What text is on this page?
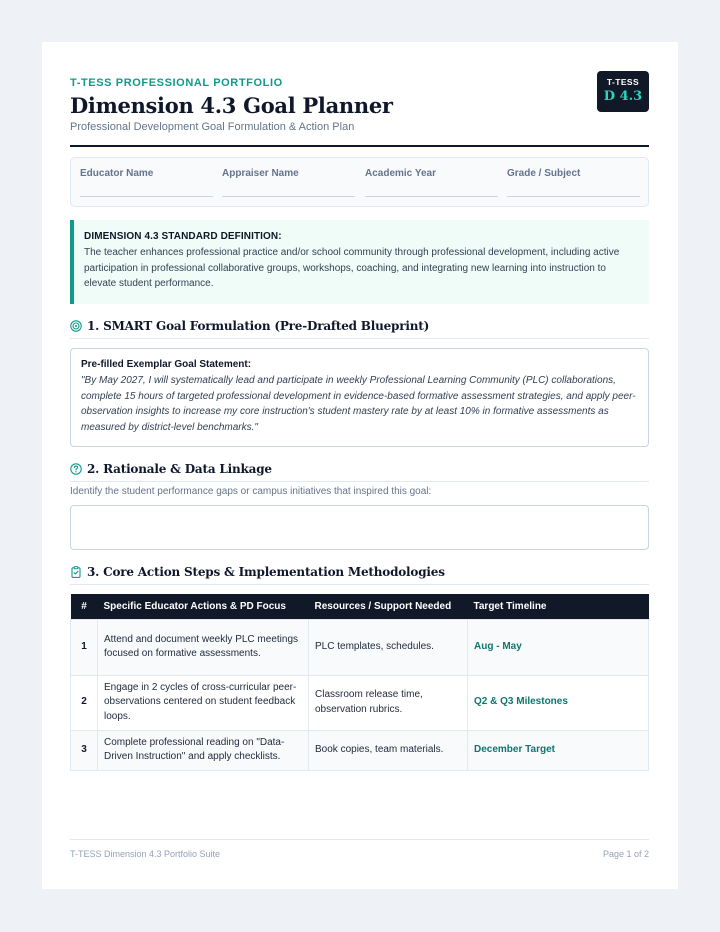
T-TESS PROFESSIONAL PORTFOLIO
Dimension 4.3 Goal Planner
Professional Development Goal Formulation & Action Plan
T-TESS
D 4.3
Educator Name	Appraiser Name	Academic Year	Grade / Subject
DIMENSION 4.3 STANDARD DEFINITION:
The teacher enhances professional practice and/or school community through professional development, including active participation in professional collaborative groups, workshops, coaching, and integrating new learning into instruction to elevate student performance.
1. SMART Goal Formulation (Pre-Drafted Blueprint)
Pre-filled Exemplar Goal Statement:
"By May 2027, I will systematically lead and participate in weekly Professional Learning Community (PLC) collaborations, complete 15 hours of targeted professional development in evidence-based formative assessment strategies, and apply peer-observation insights to increase my core instruction's student mastery rate by at least 10% in formative assessments as measured by district-level benchmarks."
2. Rationale & Data Linkage
Identify the student performance gaps or campus initiatives that inspired this goal:
3. Core Action Steps & Implementation Methodologies
#	Specific Educator Actions & PD Focus	Resources / Support Needed	Target Timeline
1	Attend and document weekly PLC meetings focused on formative assessments.	PLC templates, schedules.	Aug - May
2	Engage in 2 cycles of cross-curricular peer-observations centered on student feedback loops.	Classroom release time, observation rubrics.	Q2 & Q3 Milestones
3	Complete professional reading on "Data-Driven Instruction" and apply checklists.	Book copies, team materials.	December Target
T-TESS Dimension 4.3 Portfolio Suite	Page 1 of 2
